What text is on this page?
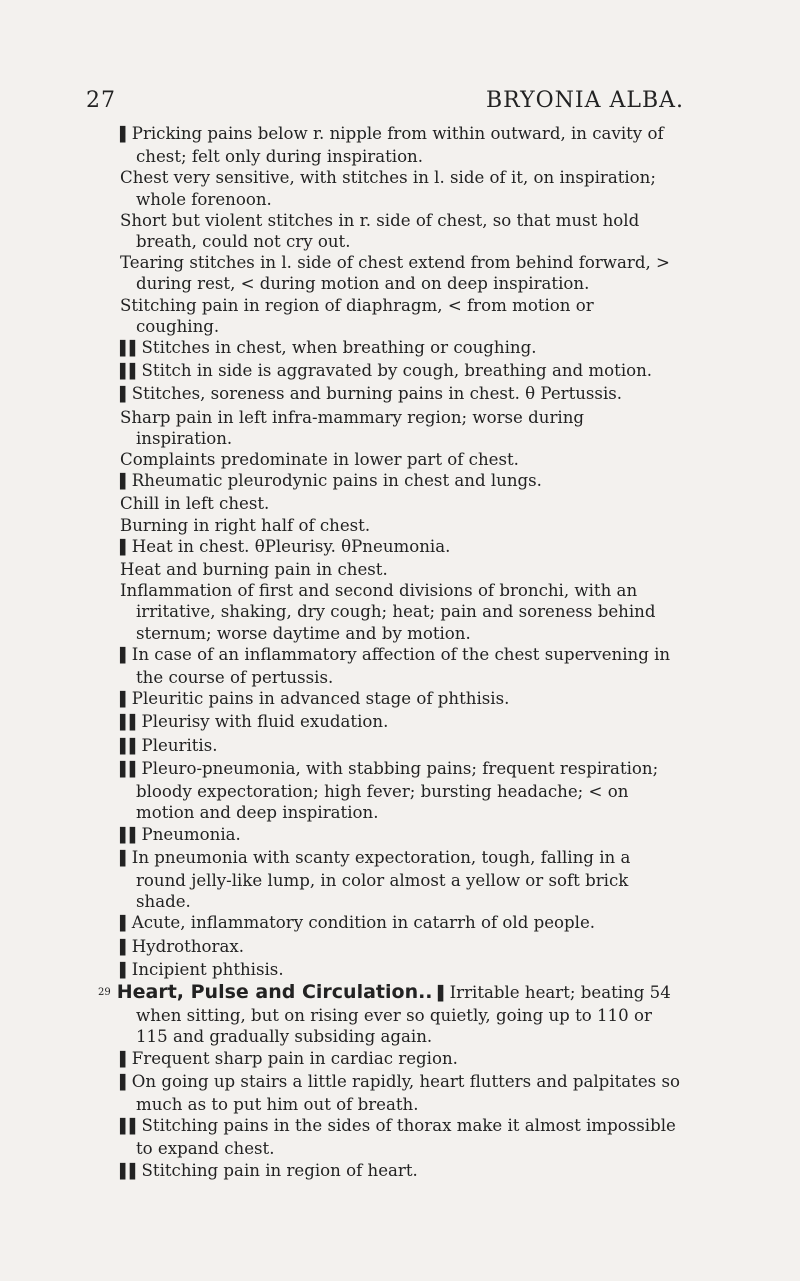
27	BRYONIA ALBA.
▌ Pricking pains below r. nipple from within outward, in cavity of chest; felt only during inspiration.
Chest very sensitive, with stitches in l. side of it, on inspiration; whole forenoon.
Short but violent stitches in r. side of chest, so that must hold breath, could not cry out.
Tearing stitches in l. side of chest extend from behind forward, > during rest, < during motion and on deep inspiration.
Stitching pain in region of diaphragm, < from motion or coughing.
▌▌ Stitches in chest, when breathing or coughing.
▌▌ Stitch in side is aggravated by cough, breathing and motion.
▌ Stitches, soreness and burning pains in chest. θ Pertussis.
Sharp pain in left infra-mammary region; worse during inspiration.
Complaints predominate in lower part of chest.
▌ Rheumatic pleurodynic pains in chest and lungs.
Chill in left chest.
Burning in right half of chest.
▌ Heat in chest. θPleurisy. θPneumonia.
Heat and burning pain in chest.
Inflammation of first and second divisions of bronchi, with an irritative, shaking, dry cough; heat; pain and soreness behind sternum; worse daytime and by motion.
▌ In case of an inflammatory affection of the chest supervening in the course of pertussis.
▌ Pleuritic pains in advanced stage of phthisis.
▌▌ Pleurisy with fluid exudation.
▌▌ Pleuritis.
▌▌ Pleuro-pneumonia, with stabbing pains; frequent respiration; bloody expectoration; high fever; bursting headache; < on motion and deep inspiration.
▌▌ Pneumonia.
▌ In pneumonia with scanty expectoration, tough, falling in a round jelly-like lump, in color almost a yellow or soft brick shade.
▌ Acute, inflammatory condition in catarrh of old people.
▌ Hydrothorax.
▌ Incipient phthisis.
$^{29}$ Heart, Pulse and Circulation.. ▌ Irritable heart; beating 54 when sitting, but on rising ever so quietly, going up to 110 or 115 and gradually subsiding again.
▌ Frequent sharp pain in cardiac region.
▌ On going up stairs a little rapidly, heart flutters and palpitates so much as to put him out of breath.
▌▌ Stitching pains in the sides of thorax make it almost impossible to expand chest.
▌▌ Stitching pain in region of heart.
